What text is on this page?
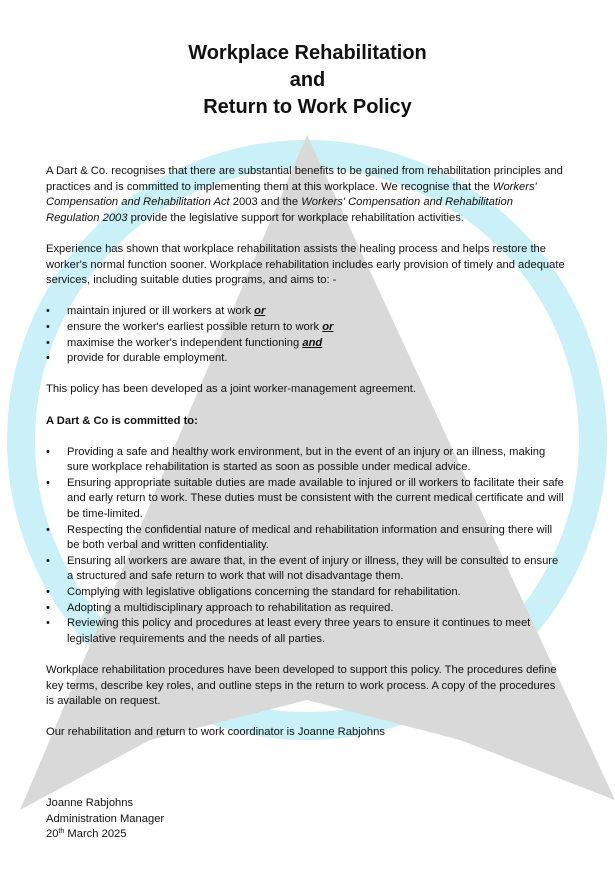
Workplace Rehabilitation
and
Return to Work Policy

A Dart & Co. recognises that there are substantial benefits to be gained from rehabilitation principles and practices and is committed to implementing them at this workplace. We recognise that the Workers' Compensation and Rehabilitation Act 2003 and the Workers' Compensation and Rehabilitation Regulation 2003 provide the legislative support for workplace rehabilitation activities.

Experience has shown that workplace rehabilitation assists the healing process and helps restore the worker's normal function sooner. Workplace rehabilitation includes early provision of timely and adequate services, including suitable duties programs, and aims to: -

• maintain injured or ill workers at work or
• ensure the worker's earliest possible return to work or
• maximise the worker's independent functioning and
• provide for durable employment.

This policy has been developed as a joint worker-management agreement.

A Dart & Co is committed to:

• Providing a safe and healthy work environment, but in the event of an injury or an illness, making sure workplace rehabilitation is started as soon as possible under medical advice.
• Ensuring appropriate suitable duties are made available to injured or ill workers to facilitate their safe and early return to work. These duties must be consistent with the current medical certificate and will be time-limited.
• Respecting the confidential nature of medical and rehabilitation information and ensuring there will be both verbal and written confidentiality.
• Ensuring all workers are aware that, in the event of injury or illness, they will be consulted to ensure a structured and safe return to work that will not disadvantage them.
• Complying with legislative obligations concerning the standard for rehabilitation.
• Adopting a multidisciplinary approach to rehabilitation as required.
• Reviewing this policy and procedures at least every three years to ensure it continues to meet legislative requirements and the needs of all parties.

Workplace rehabilitation procedures have been developed to support this policy. The procedures define key terms, describe key roles, and outline steps in the return to work process. A copy of the procedures is available on request.

Our rehabilitation and return to work coordinator is Joanne Rabjohns

Joanne Rabjohns
Administration Manager
20th March 2025
